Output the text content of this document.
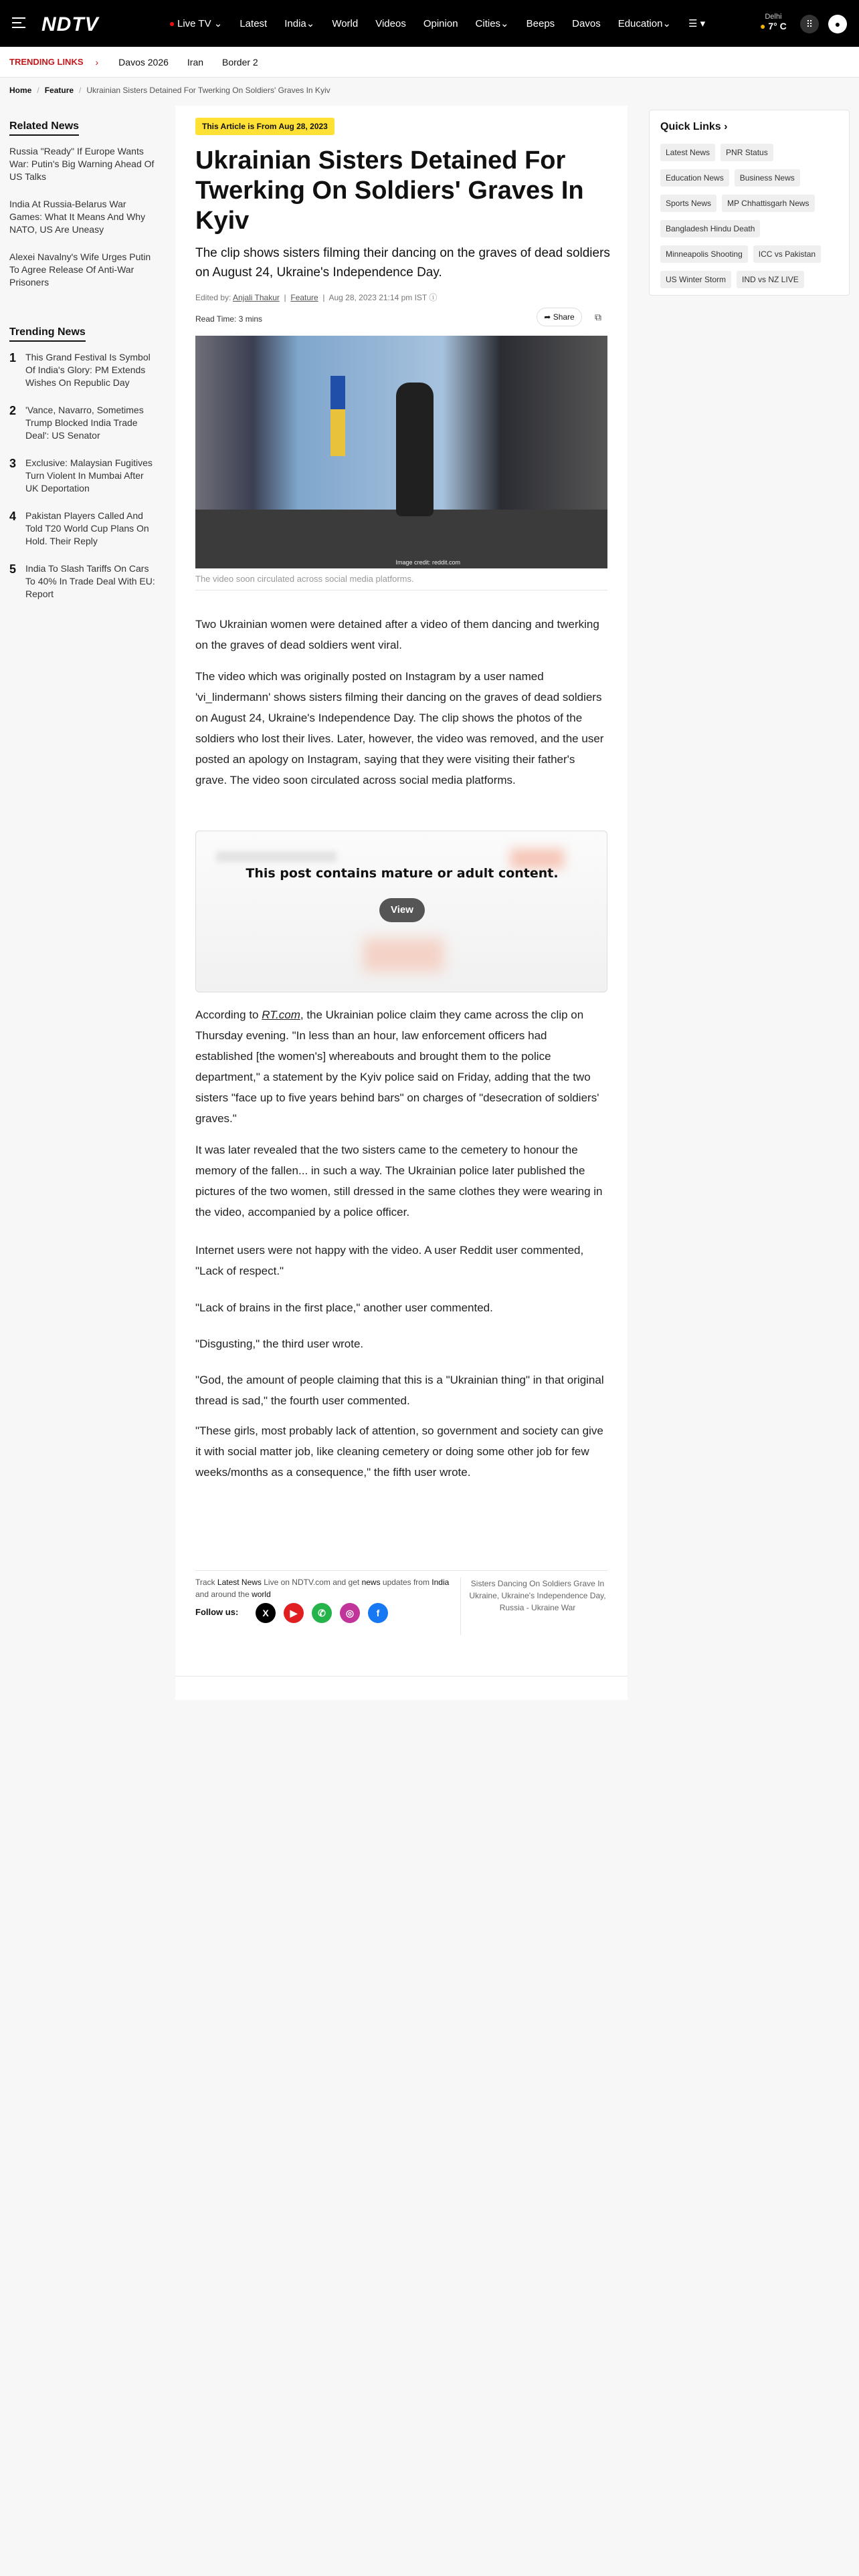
NDTV	Live TV ⌄ Latest India⌄ World Videos Opinion Cities⌄ Beeps Davos Education⌄ ☰ ▾
Delhi
● 7° C	⠿	●
TRENDING LINKS › Davos 2026 Iran Border 2
Home / Feature / Ukrainian Sisters Detained For Twerking On Soldiers' Graves In Kyiv
Related News
Russia "Ready" If Europe Wants War: Putin's Big Warning Ahead Of US Talks
India At Russia-Belarus War Games: What It Means And Why NATO, US Are Uneasy
Alexei Navalny's Wife Urges Putin To Agree Release Of Anti-War Prisoners
Trending News
1 This Grand Festival Is Symbol Of India's Glory: PM Extends Wishes On Republic Day
2 'Vance, Navarro, Sometimes Trump Blocked India Trade Deal': US Senator
3 Exclusive: Malaysian Fugitives Turn Violent In Mumbai After UK Deportation
4 Pakistan Players Called And Told T20 World Cup Plans On Hold. Their Reply
5 India To Slash Tariffs On Cars To 40% In Trade Deal With EU: Report
This Article is From Aug 28, 2023
Ukrainian Sisters Detained For Twerking On Soldiers' Graves In Kyiv
The clip shows sisters filming their dancing on the graves of dead soldiers on August 24, Ukraine's Independence Day.
Edited by: Anjali Thakur  |  Feature  |  Aug 28, 2023 21:14 pm IST ⓘ
Read Time: 3 mins	➦ Share	⧉
Image credit: reddit.com
The video soon circulated across social media platforms.

Two Ukrainian women were detained after a video of them dancing and twerking on the graves of dead soldiers went viral.

The video which was originally posted on Instagram by a user named 'vi_lindermann' shows sisters filming their dancing on the graves of dead soldiers on August 24, Ukraine's Independence Day. The clip shows the photos of the soldiers who lost their lives. Later, however, the video was removed, and the user posted an apology on Instagram, saying that they were visiting their father's grave. The video soon circulated across social media platforms.

This post contains mature or adult content.
View

According to RT.com, the Ukrainian police claim they came across the clip on Thursday evening. "In less than an hour, law enforcement officers had established [the women's] whereabouts and brought them to the police department," a statement by the Kyiv police said on Friday, adding that the two sisters "face up to five years behind bars" on charges of "desecration of soldiers' graves."

It was later revealed that the two sisters came to the cemetery to honour the memory of the fallen... in such a way. The Ukrainian police later published the pictures of the two women, still dressed in the same clothes they were wearing in the video, accompanied by a police officer.

Internet users were not happy with the video. A user Reddit user commented, "Lack of respect."

"Lack of brains in the first place," another user commented.

"Disgusting," the third user wrote.

"God, the amount of people claiming that this is a "Ukrainian thing" in that original thread is sad," the fourth user commented.

"These girls, most probably lack of attention, so government and society can give it with social matter job, like cleaning cemetery or doing some other job for few weeks/months as a consequence," the fifth user wrote.

Track Latest News Live on NDTV.com and get news updates from India and around the world
Follow us:	X	▶	✆	◎	f
Sisters Dancing On Soldiers Grave In Ukraine, Ukraine's Independence Day, Russia - Ukraine War
Quick Links ›
Latest News	PNR Status
Education News	Business News
Sports News	MP Chhattisgarh News
Bangladesh Hindu Death
Minneapolis Shooting	ICC vs Pakistan
US Winter Storm	IND vs NZ LIVE
